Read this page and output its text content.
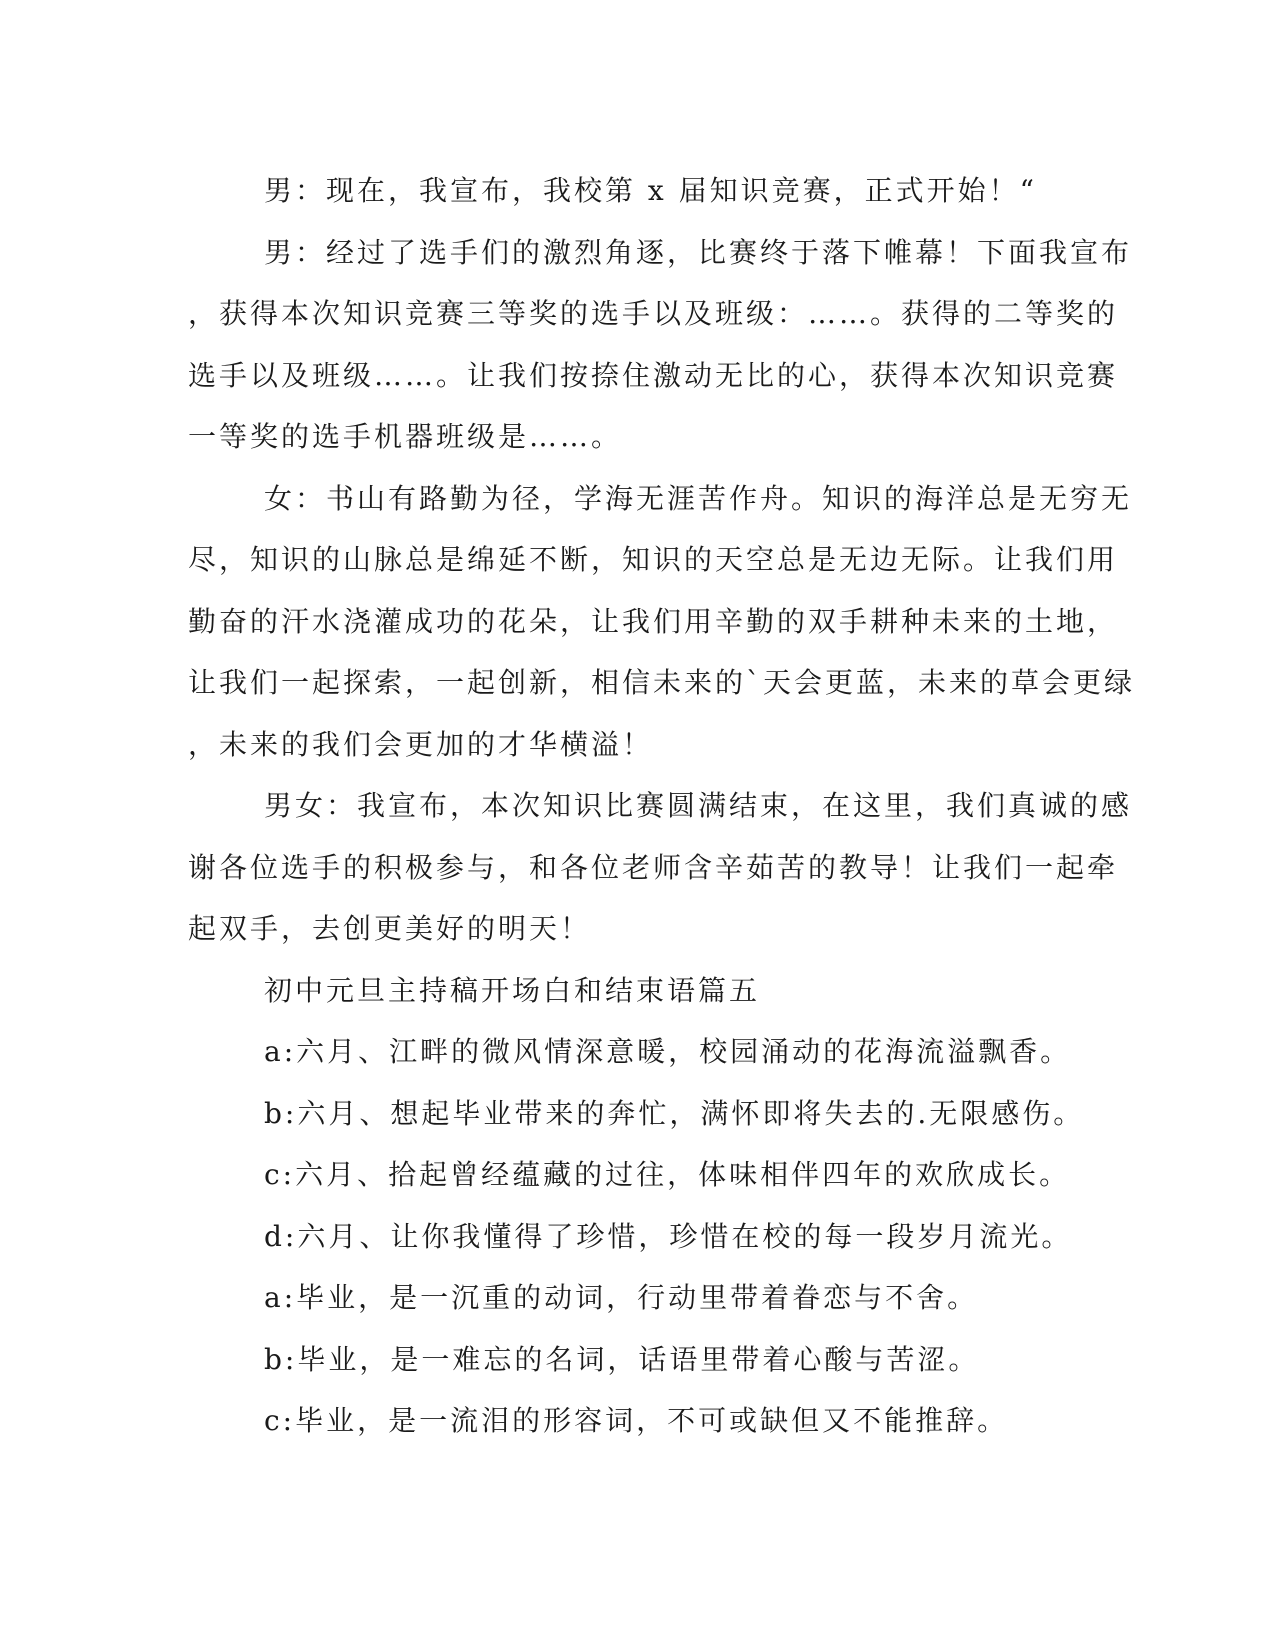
男：现在，我宣布，我校第 x 届知识竞赛，正式开始！“

男：经过了选手们的激烈角逐，比赛终于落下帷幕！下面我宣布
，获得本次知识竞赛三等奖的选手以及班级：……。获得的二等奖的
选手以及班级……。让我们按捺住激动无比的心，获得本次知识竞赛
一等奖的选手机器班级是……。

女：书山有路勤为径，学海无涯苦作舟。知识的海洋总是无穷无
尽，知识的山脉总是绵延不断，知识的天空总是无边无际。让我们用
勤奋的汗水浇灌成功的花朵，让我们用辛勤的双手耕种未来的土地，
让我们一起探索，一起创新，相信未来的`天会更蓝，未来的草会更绿
，未来的我们会更加的才华横溢！

男女：我宣布，本次知识比赛圆满结束，在这里，我们真诚的感
谢各位选手的积极参与，和各位老师含辛茹苦的教导！让我们一起牵
起双手，去创更美好的明天！

初中元旦主持稿开场白和结束语篇五

a:六月、江畔的微风情深意暖，校园涌动的花海流溢飘香。

b:六月、想起毕业带来的奔忙，满怀即将失去的.无限感伤。

c:六月、拾起曾经蕴藏的过往，体味相伴四年的欢欣成长。

d:六月、让你我懂得了珍惜，珍惜在校的每一段岁月流光。

a:毕业，是一沉重的动词，行动里带着眷恋与不舍。

b:毕业，是一难忘的名词，话语里带着心酸与苦涩。

c:毕业，是一流泪的形容词，不可或缺但又不能推辞。
